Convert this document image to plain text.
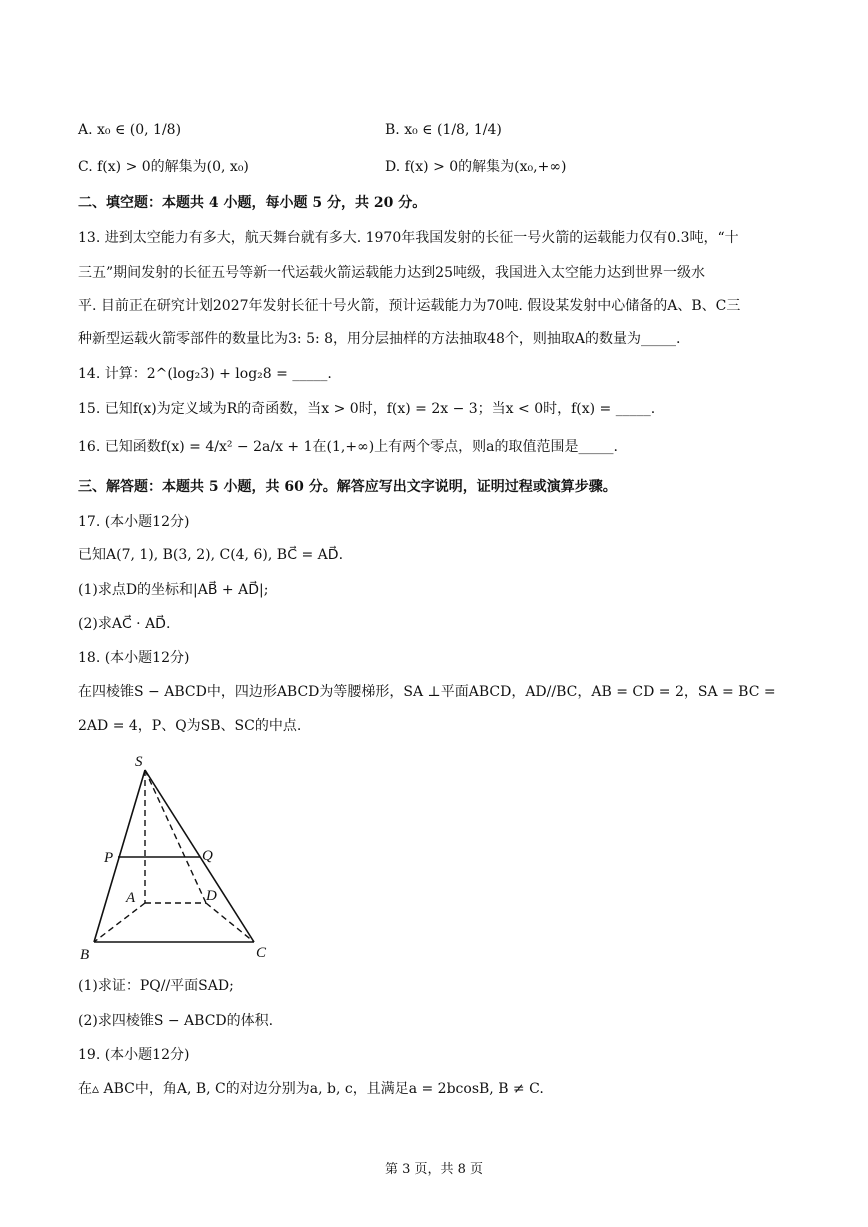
A. x₀ ∈ (0, 1/8)	B. x₀ ∈ (1/8, 1/4)
C. f(x) > 0的解集为(0, x₀)	D. f(x) > 0的解集为(x₀,+∞)
二、填空题：本题共 4 小题，每小题 5 分，共 20 分。
13. 进到太空能力有多大，航天舞台就有多大. 1970年我国发射的长征一号火箭的运载能力仅有0.3吨，“十
三五”期间发射的长征五号等新一代运载火箭运载能力达到25吨级，我国进入太空能力达到世界一级水
平. 目前正在研究计划2027年发射长征十号火箭，预计运载能力为70吨. 假设某发射中心储备的A、B、C三
种新型运载火箭零部件的数量比为3: 5: 8，用分层抽样的方法抽取48个，则抽取A的数量为_____.
14. 计算：2^(log₂3) + log₂8 = _____.
15. 已知f(x)为定义域为R的奇函数，当x > 0时，f(x) = 2x − 3；当x < 0时，f(x) = _____.
16. 已知函数f(x) = 4/x² − 2a/x + 1在(1,+∞)上有两个零点，则a的取值范围是_____.
三、解答题：本题共 5 小题，共 60 分。解答应写出文字说明，证明过程或演算步骤。
17. (本小题12分)
已知A(7, 1), B(3, 2), C(4, 6), BC⃗ = AD⃗.
(1)求点D的坐标和|AB⃗ + AD⃗|;
(2)求AC⃗ · AD⃗.
18. (本小题12分)
在四棱锥S − ABCD中，四边形ABCD为等腰梯形，SA ⊥平面ABCD，AD//BC，AB = CD = 2，SA = BC =
2AD = 4，P、Q为SB、SC的中点.
S
P	Q
A	D
B	C
(1)求证：PQ//平面SAD;
(2)求四棱锥S − ABCD的体积.
19. (本小题12分)
在▵ ABC中，角A, B, C的对边分别为a, b, c，且满足a = 2bcosB, B ≠ C.
第 3 页，共 8 页
